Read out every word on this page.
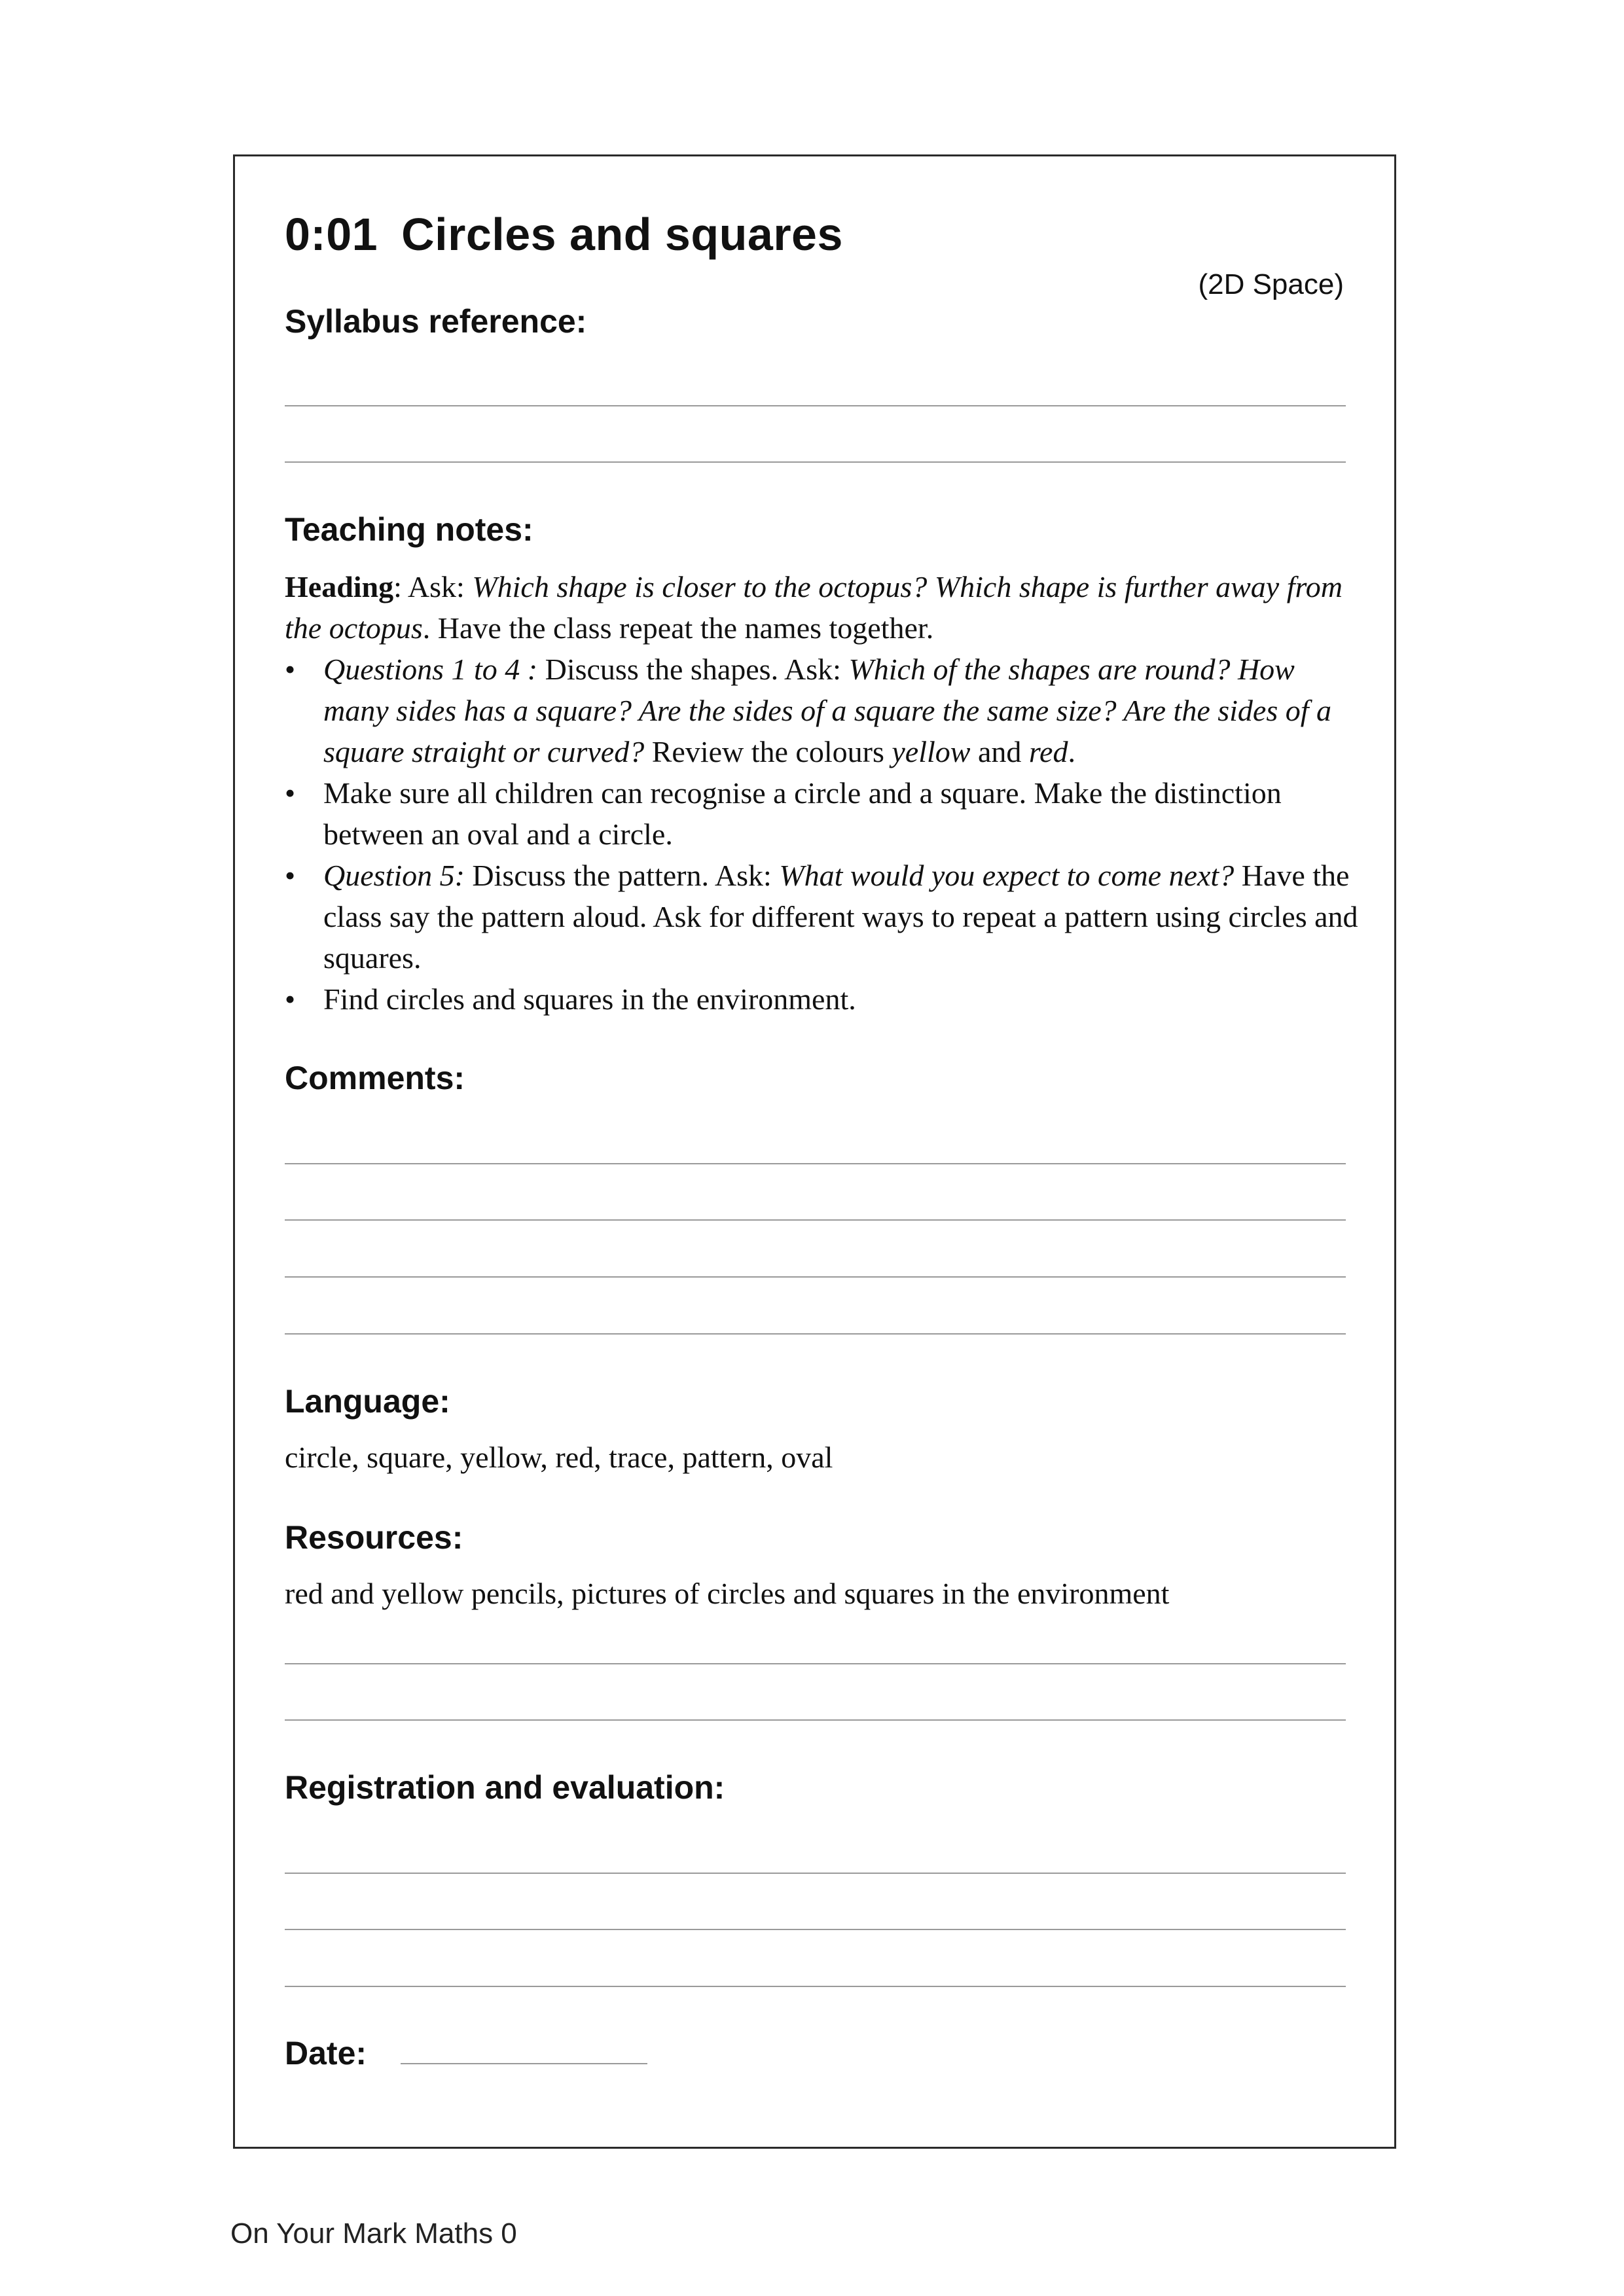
0:01 Circles and squares
(2D Space)
Syllabus reference:
Teaching notes:

Heading: Ask: Which shape is closer to the octopus? Which shape is further away from the octopus. Have the class repeat the names together.

• Questions 1 to 4 : Discuss the shapes. Ask: Which of the shapes are round? How many sides has a square? Are the sides of a square the same size? Are the sides of a square straight or curved? Review the colours yellow and red.
• Make sure all children can recognise a circle and a square. Make the distinction between an oval and a circle.
• Question 5: Discuss the pattern. Ask: What would you expect to come next? Have the class say the pattern aloud. Ask for different ways to repeat a pattern using circles and squares.
• Find circles and squares in the environment.
Comments:
Language:
circle, square, yellow, red, trace, pattern, oval
Resources:
red and yellow pencils, pictures of circles and squares in the environment
Registration and evaluation:
Date:
On Your Mark Maths 0
